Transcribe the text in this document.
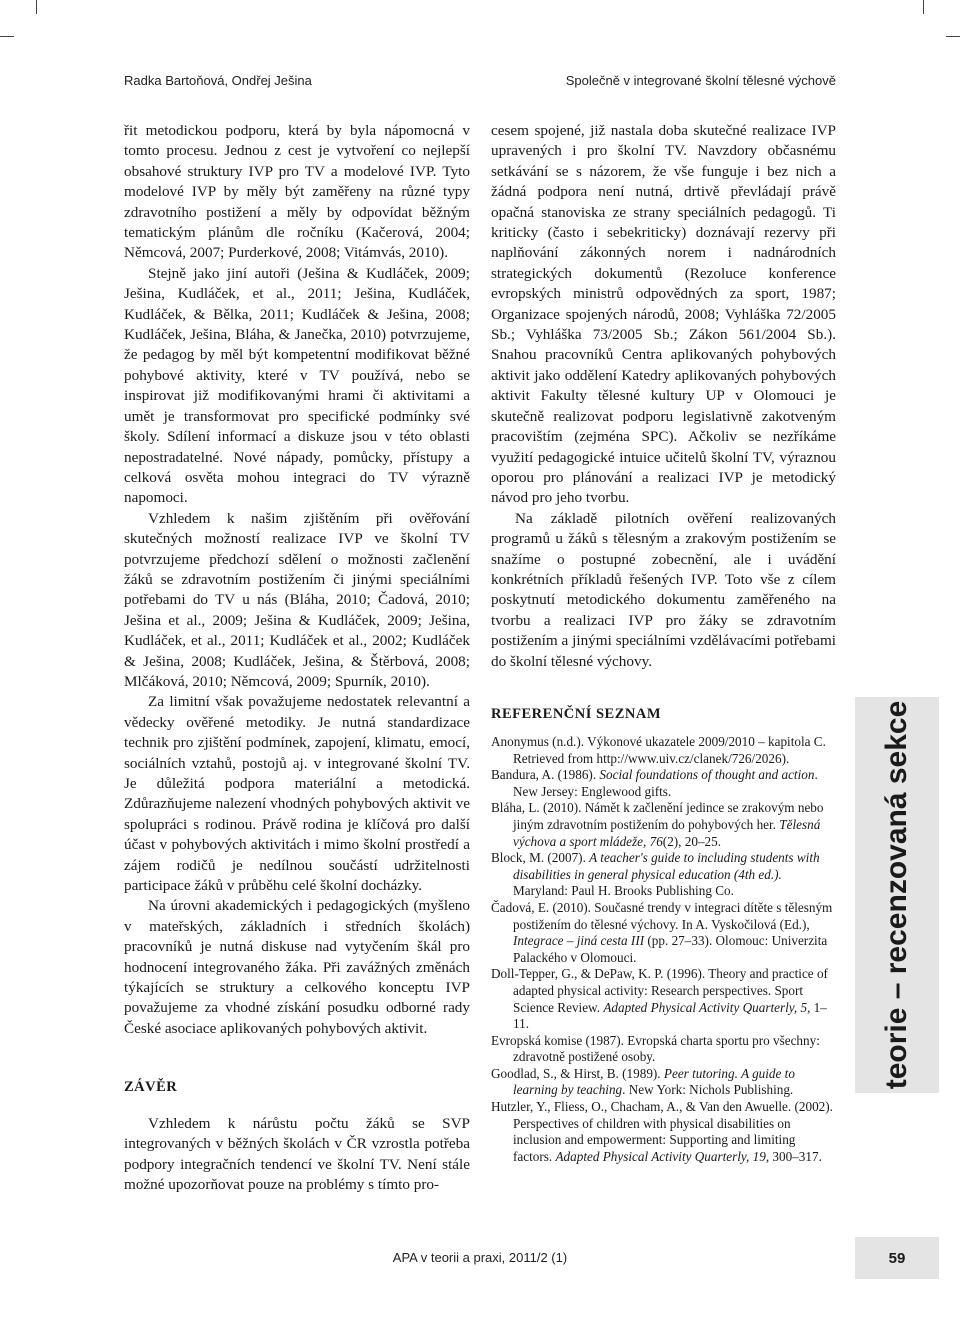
Radka Bartoňová, Ondřej Ješina	Společně v integrované školní tělesné výchově

řit metodickou podporu, která by byla nápomocná v tomto procesu. Jednou z cest je vytvoření co nejlepší obsahové struktury IVP pro TV a modelové IVP. Tyto modelové IVP by měly být zaměřeny na různé typy zdravotního postižení a měly by odpovídat běžným tematickým plánům dle ročníku (Kačerová, 2004; Němcová, 2007; Purderkové, 2008; Vitámvás, 2010).

Stejně jako jiní autoři (Ješina & Kudláček, 2009; Ješina, Kudláček, et al., 2011; Ješina, Kudláček, Kudláček, & Bělka, 2011; Kudláček & Ješina, 2008; Kudláček, Ješina, Bláha, & Janečka, 2010) potvrzujeme, že pedagog by měl být kompetentní modifikovat běžné pohybové aktivity, které v TV používá, nebo se inspirovat již modifikovanými hrami či aktivitami a umět je transformovat pro specifické podmínky své školy. Sdílení informací a diskuze jsou v této oblasti nepostradatelné. Nové nápady, pomůcky, přístupy a celková osvěta mohou integraci do TV výrazně napomoci.

Vzhledem k našim zjištěním při ověřování skutečných možností realizace IVP ve školní TV potvrzujeme předchozí sdělení o možnosti začlenění žáků se zdravotním postižením či jinými speciálními potřebami do TV u nás (Bláha, 2010; Čadová, 2010; Ješina et al., 2009; Ješina & Kudláček, 2009; Ješina, Kudláček, et al., 2011; Kudláček et al., 2002; Kudláček & Ješina, 2008; Kudláček, Ješina, & Štěrbová, 2008; Mlčáková, 2010; Němcová, 2009; Spurník, 2010).

Za limitní však považujeme nedostatek relevantní a vědecky ověřené metodiky. Je nutná standardizace technik pro zjištění podmínek, zapojení, klimatu, emocí, sociálních vztahů, postojů aj. v integrované školní TV. Je důležitá podpora materiální a metodická. Zdůrazňujeme nalezení vhodných pohybových aktivit ve spolupráci s rodinou. Právě rodina je klíčová pro další účast v pohybových aktivitách i mimo školní prostředí a zájem rodičů je nedílnou součástí udržitelnosti participace žáků v průběhu celé školní docházky.

Na úrovni akademických i pedagogických (myšleno v mateřských, základních i středních školách) pracovníků je nutná diskuse nad vytyčením škál pro hodnocení integrovaného žáka. Při zavážných změnách týkajících se struktury a celkového konceptu IVP považujeme za vhodné získání posudku odborné rady České asociace aplikovaných pohybových aktivit.

ZÁVĚR

Vzhledem k nárůstu počtu žáků se SVP integrovaných v běžných školách v ČR vzrostla potřeba podpory integračních tendencí ve školní TV. Není stále možné upozorňovat pouze na problémy s tímto pro-

cesem spojené, již nastala doba skutečné realizace IVP upravených i pro školní TV. Navzdory občasnému setkávání se s názorem, že vše funguje i bez nich a žádná podpora není nutná, drtivě převládají právě opačná stanoviska ze strany speciálních pedagogů. Ti kriticky (často i sebekriticky) doznávají rezervy při naplňování zákonných norem i nadnárodních strategických dokumentů (Rezoluce konference evropských ministrů odpovědných za sport, 1987; Organizace spojených národů, 2008; Vyhláška 72/2005 Sb.; Vyhláška 73/2005 Sb.; Zákon 561/2004 Sb.). Snahou pracovníků Centra aplikovaných pohybových aktivit jako oddělení Katedry aplikovaných pohybových aktivit Fakulty tělesné kultury UP v Olomouci je skutečně realizovat podporu legislativně zakotveným pracovištím (zejména SPC). Ačkoliv se nezříkáme využití pedagogické intuice učitelů školní TV, výraznou oporou pro plánování a realizaci IVP je metodický návod pro jeho tvorbu.

Na základě pilotních ověření realizovaných programů u žáků s tělesným a zrakovým postižením se snažíme o postupné zobecnění, ale i uvádění konkrétních příkladů řešených IVP. Toto vše z cílem poskytnutí metodického dokumentu zaměřeného na tvorbu a realizaci IVP pro žáky se zdravotním postižením a jinými speciálními vzdělávacími potřebami do školní tělesné výchovy.

REFERENČNÍ SEZNAM

Anonymus (n.d.). Výkonové ukazatele 2009/2010 – kapitola C. Retrieved from http://www.uiv.cz/clanek/726/2026).

Bandura, A. (1986). Social foundations of thought and action. New Jersey: Englewood gifts.

Bláha, L. (2010). Námět k začlenění jedince se zrakovým nebo jiným zdravotním postižením do pohybových her. Tělesná výchova a sport mládeže, 76(2), 20–25.

Block, M. (2007). A teacher's guide to including students with disabilities in general physical education (4th ed.). Maryland: Paul H. Brooks Publishing Co.

Čadová, E. (2010). Současné trendy v integraci dítěte s tělesným postižením do tělesné výchovy. In A. Vyskočilová (Ed.), Integrace – jiná cesta III (pp. 27–33). Olomouc: Univerzita Palackého v Olomouci.

Doll-Tepper, G., & DePaw, K. P. (1996). Theory and practice of adapted physical activity: Research perspectives. Sport Science Review. Adapted Physical Activity Quarterly, 5, 1–11.

Evropská komise (1987). Evropská charta sportu pro všechny: zdravotně postižené osoby.

Goodlad, S., & Hirst, B. (1989). Peer tutoring. A guide to learning by teaching. New York: Nichols Publishing.

Hutzler, Y., Fliess, O., Chacham, A., & Van den Awuelle. (2002). Perspectives of children with physical disabilities on inclusion and empowerment: Supporting and limiting factors. Adapted Physical Activity Quarterly, 19, 300–317.

teorie – recenzovaná sekce
APA v teorii a praxi, 2011/2 (1)	59
